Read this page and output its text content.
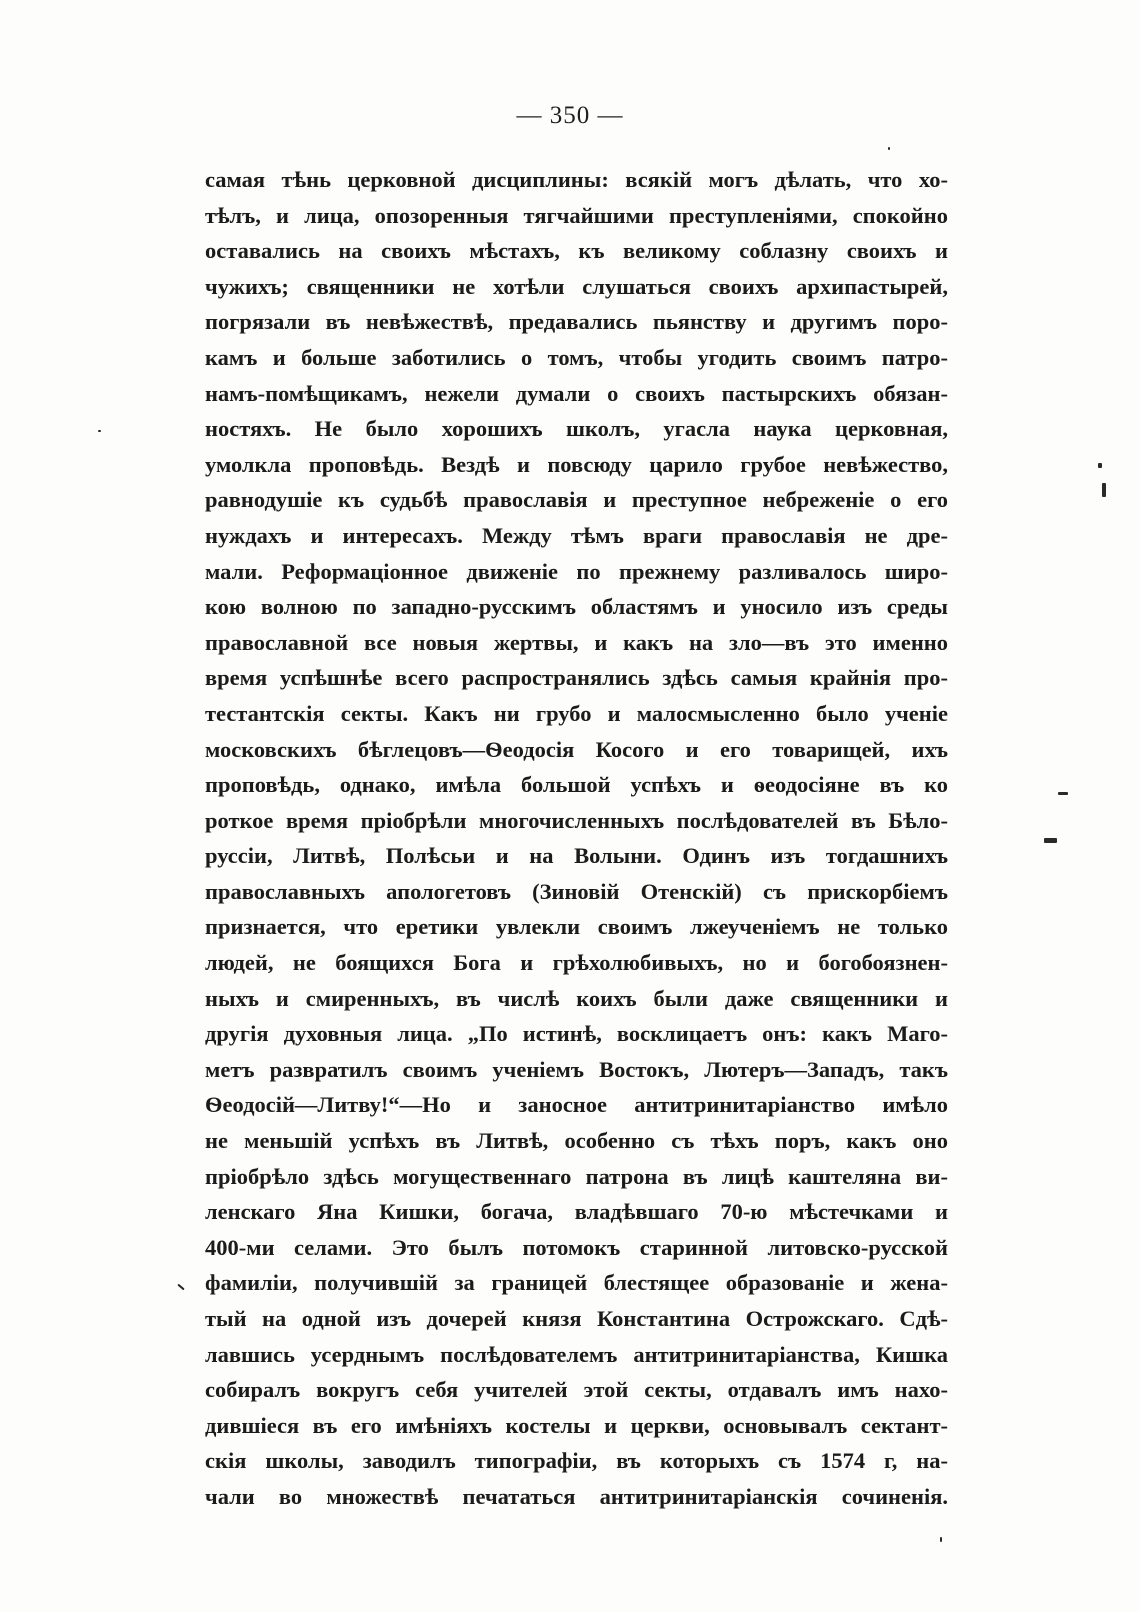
— 350 —
самая тѣнь церковной дисциплины: всякій могъ дѣлать, что хо-
тѣлъ, и лица, опозоренныя тягчайшими преступленіями, спокойно
оставались на своихъ мѣстахъ, къ великому соблазну своихъ и
чужихъ; священники не хотѣли слушаться своихъ архипастырей,
погрязали въ невѣжествѣ, предавались пьянству и другимъ поро-
камъ и больше заботились о томъ, чтобы угодить своимъ патро-
намъ-помѣщикамъ, нежели думали о своихъ пастырскихъ обязан-
ностяхъ. Не было хорошихъ школъ, угасла наука церковная,
умолкла проповѣдь. Вездѣ и повсюду царило грубое невѣжество,
равнодушіе къ судьбѣ православія и преступное небреженіе о его
нуждахъ и интересахъ. Между тѣмъ враги православія не дре-
мали. Реформаціонное движеніе по прежнему разливалось широ-
кою волною по западно-русскимъ областямъ и уносило изъ среды
православной все новыя жертвы, и какъ на зло—въ это именно
время успѣшнѣе всего распространялись здѣсь самыя крайнія про-
тестантскія секты. Какъ ни грубо и малосмысленно было ученіе
московскихъ бѣглецовъ—Ѳеодосія Косого и его товарищей, ихъ
проповѣдь, однако, имѣла большой успѣхъ и ѳеодосіяне въ ко
роткое время пріобрѣли многочисленныхъ послѣдователей въ Бѣло-
руссіи, Литвѣ, Полѣсьи и на Волыни. Одинъ изъ тогдашнихъ
православныхъ апологетовъ (Зиновій Отенскій) съ прискорбіемъ
признается, что еретики увлекли своимъ лжеученіемъ не только
людей, не боящихся Бога и грѣхолюбивыхъ, но и богобоязнен-
ныхъ и смиренныхъ, въ числѣ коихъ были даже священники и
другія духовныя лица. „По истинѣ, восклицаетъ онъ: какъ Маго-
метъ развратилъ своимъ ученіемъ Востокъ, Лютеръ—Западъ, такъ
Ѳеодосій—Литву!“—Но и заносное антитринитаріанство имѣло
не меньшій успѣхъ въ Литвѣ, особенно съ тѣхъ поръ, какъ оно
пріобрѣло здѣсь могущественнаго патрона въ лицѣ каштеляна ви-
ленскаго Яна Кишки, богача, владѣвшаго 70-ю мѣстечками и
400-ми селами. Это былъ потомокъ старинной литовско-русской
фамиліи, получившій за границей блестящее образованіе и жена-
тый на одной изъ дочерей князя Константина Острожскаго. Сдѣ-
лавшись усерднымъ послѣдователемъ антитринитаріанства, Кишка
собиралъ вокругъ себя учителей этой секты, отдавалъ имъ нахо-
дившіеся въ его имѣніяхъ костелы и церкви, основывалъ сектант-
скія школы, заводилъ типографіи, въ которыхъ съ 1574 г, на-
чали во множествѣ печататься антитринитаріанскія сочиненія.
